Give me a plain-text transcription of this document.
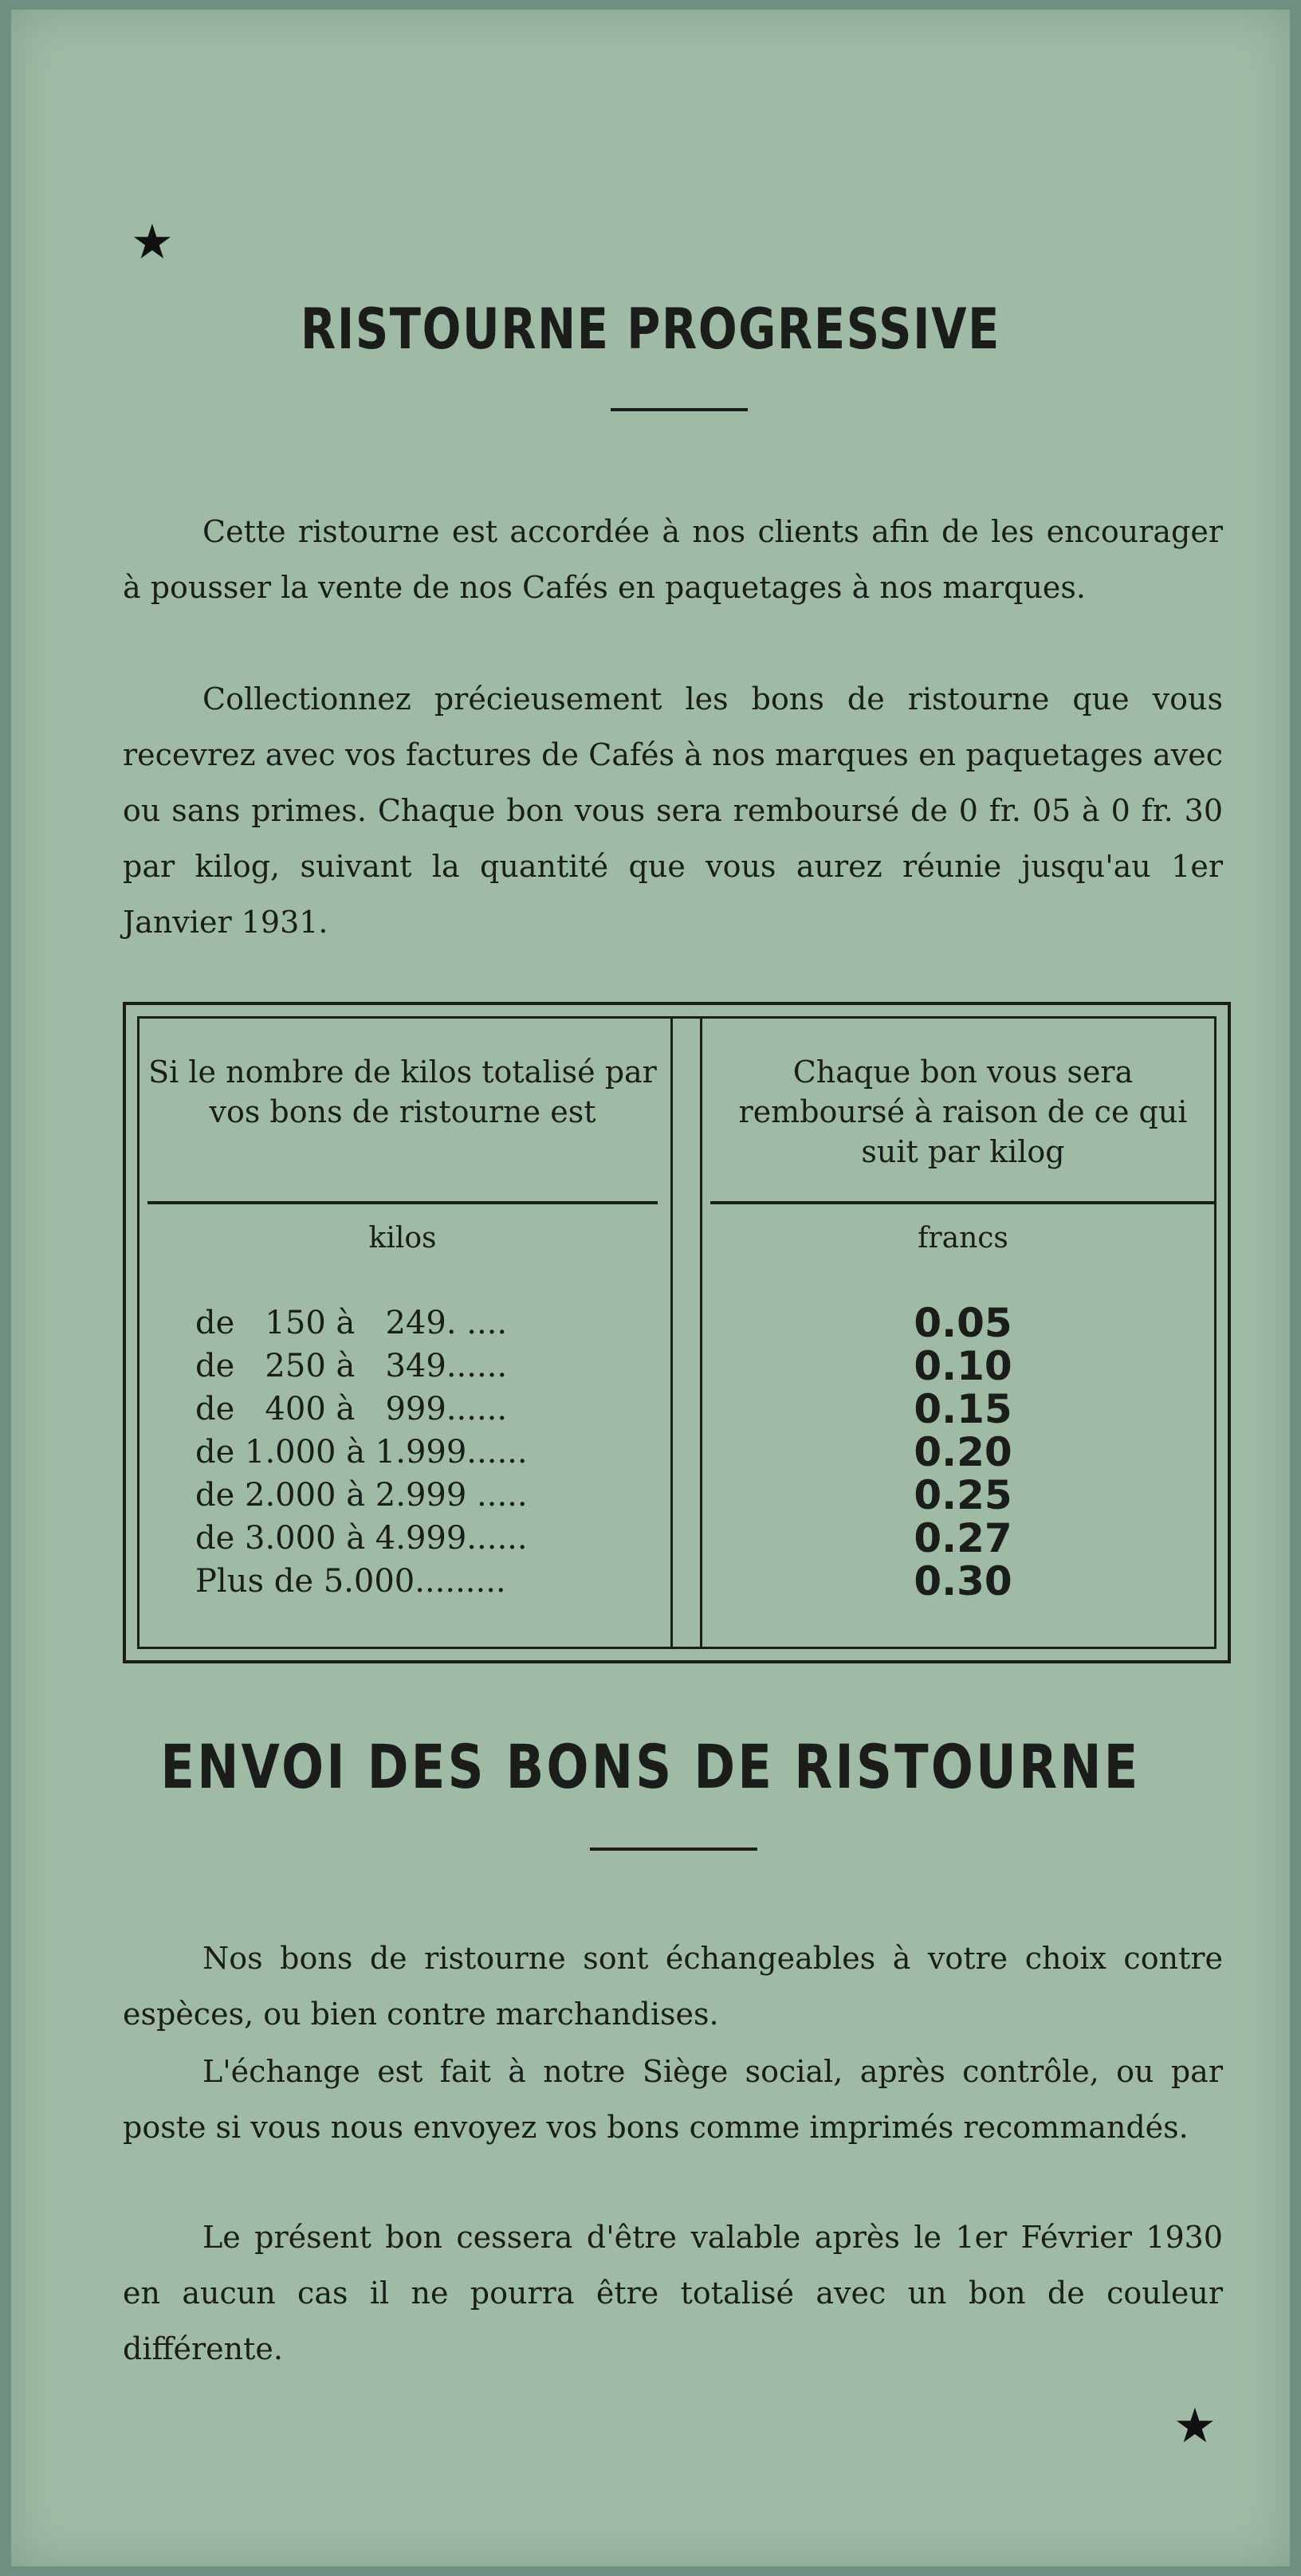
★
RISTOURNE PROGRESSIVE

Cette ristourne est accordée à nos clients afin de les encourager à pousser la vente de nos Cafés en paquetages à nos marques.

Collectionnez précieusement les bons de ristourne que vous recevrez avec vos factures de Cafés à nos marques en paquetages avec ou sans primes. Chaque bon vous sera remboursé de 0 fr. 05 à 0 fr. 30 par kilog, suivant la quantité que vous aurez réunie jusqu'au 1er Janvier 1931.

Si le nombre de kilos totalisé par vos bons de ristourne est
Chaque bon vous sera remboursé à raison de ce qui suit par kilog
kilos	francs
de   150 à   249. ....
de   250 à   349......
de   400 à   999......
de 1.000 à 1.999......
de 2.000 à 2.999 .....
de 3.000 à 4.999......
Plus de 5.000.........
0.05
0.10
0.15
0.20
0.25
0.27
0.30
ENVOI DES BONS DE RISTOURNE

Nos bons de ristourne sont échangeables à votre choix contre espèces, ou bien contre marchandises.

L'échange est fait à notre Siège social, après contrôle, ou par poste si vous nous envoyez vos bons comme imprimés recommandés.

Le présent bon cessera d'être valable après le 1er Février 1930 en aucun cas il ne pourra être totalisé avec un bon de couleur différente.

★
